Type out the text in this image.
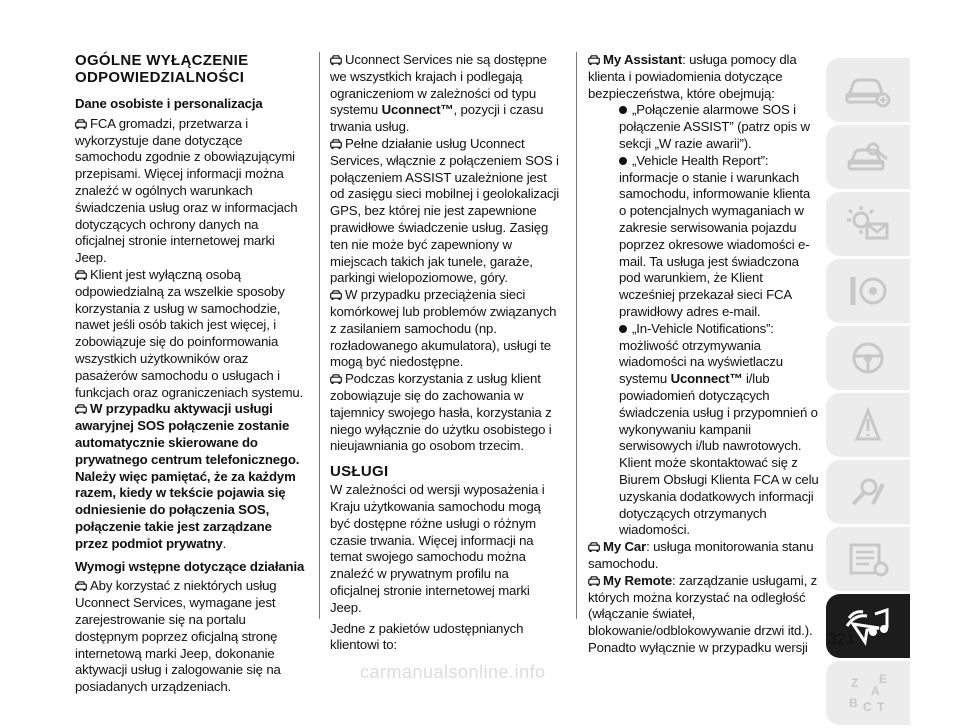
OGÓLNE WYŁĄCZENIE
ODPOWIEDZIALNOŚCI
Dane osobiste i personalizacja

FCA gromadzi, przetwarza i wykorzystuje dane dotyczące samochodu zgodnie z obowiązującymi przepisami. Więcej informacji można znaleźć w ogólnych warunkach świadczenia usług oraz w informacjach dotyczących ochrony danych na oficjalnej stronie internetowej marki Jeep.

Klient jest wyłączną osobą odpowiedzialną za wszelkie sposoby korzystania z usług w samochodzie, nawet jeśli osób takich jest więcej, i zobowiązuje się do poinformowania wszystkich użytkowników oraz pasażerów samochodu o usługach i funkcjach oraz ograniczeniach systemu.

W przypadku aktywacji usługi awaryjnej SOS połączenie zostanie automatycznie skierowane do prywatnego centrum telefonicznego. Należy więc pamiętać, że za każdym razem, kiedy w tekście pojawia się odniesienie do połączenia SOS, połączenie takie jest zarządzane przez podmiot prywatny.

Wymogi wstępne dotyczące działania

Aby korzystać z niektórych usług Uconnect Services, wymagane jest zarejestrowanie się na portalu dostępnym poprzez oficjalną stronę internetową marki Jeep, dokonanie aktywacji usług i zalogowanie się na posiadanych urządzeniach.

Uconnect Services nie są dostępne we wszystkich krajach i podlegają ograniczeniom w zależności od typu systemu Uconnect™, pozycji i czasu trwania usług.

Pełne działanie usług Uconnect Services, włącznie z połączeniem SOS i połączeniem ASSIST uzależnione jest od zasięgu sieci mobilnej i geolokalizacji GPS, bez której nie jest zapewnione prawidłowe świadczenie usług. Zasięg ten nie może być zapewniony w miejscach takich jak tunele, garaże, parkingi wielopoziomowe, góry.

W przypadku przeciążenia sieci komórkowej lub problemów związanych z zasilaniem samochodu (np. rozładowanego akumulatora), usługi te mogą być niedostępne.

Podczas korzystania z usług klient zobowiązuje się do zachowania w tajemnicy swojego hasła, korzystania z niego wyłącznie do użytku osobistego i nieujawniania go osobom trzecim.

USŁUGI

W zależności od wersji wyposażenia i Kraju użytkowania samochodu mogą być dostępne różne usługi o różnym czasie trwania. Więcej informacji na temat swojego samochodu można znaleźć w prywatnym profilu na oficjalnej stronie internetowej marki Jeep.

Jedne z pakietów udostępnianych klientowi to:

My Assistant: usługa pomocy dla klienta i powiadomienia dotyczące bezpieczeństwa, które obejmują:

„Połączenie alarmowe SOS i połączenie ASSIST” (patrz opis w sekcji „W razie awarii”).

„Vehicle Health Report”: informacje o stanie i warunkach samochodu, informowanie klienta o potencjalnych wymaganiach w zakresie serwisowania pojazdu poprzez okresowe wiadomości e-mail. Ta usługa jest świadczona pod warunkiem, że Klient wcześniej przekazał sieci FCA prawidłowy adres e-mail.

„In-Vehicle Notifications”: możliwość otrzymywania wiadomości na wyświetlaczu systemu Uconnect™ i/lub powiadomień dotyczących świadczenia usług i przypomnień o wykonywaniu kampanii serwisowych i/lub nawrotowych.

Klient może skontaktować się z Biurem Obsługi Klienta FCA w celu uzyskania dodatkowych informacji dotyczących otrzymanych wiadomości.

My Car: usługa monitorowania stanu samochodu.

My Remote: zarządzanie usługami, z których można korzystać na odległość (włączanie świateł, blokowanie/odblokowywanie drzwi itd.). Ponadto wyłącznie w przypadku wersji

Z E
A
B C T
321
carmanualsonline.info
